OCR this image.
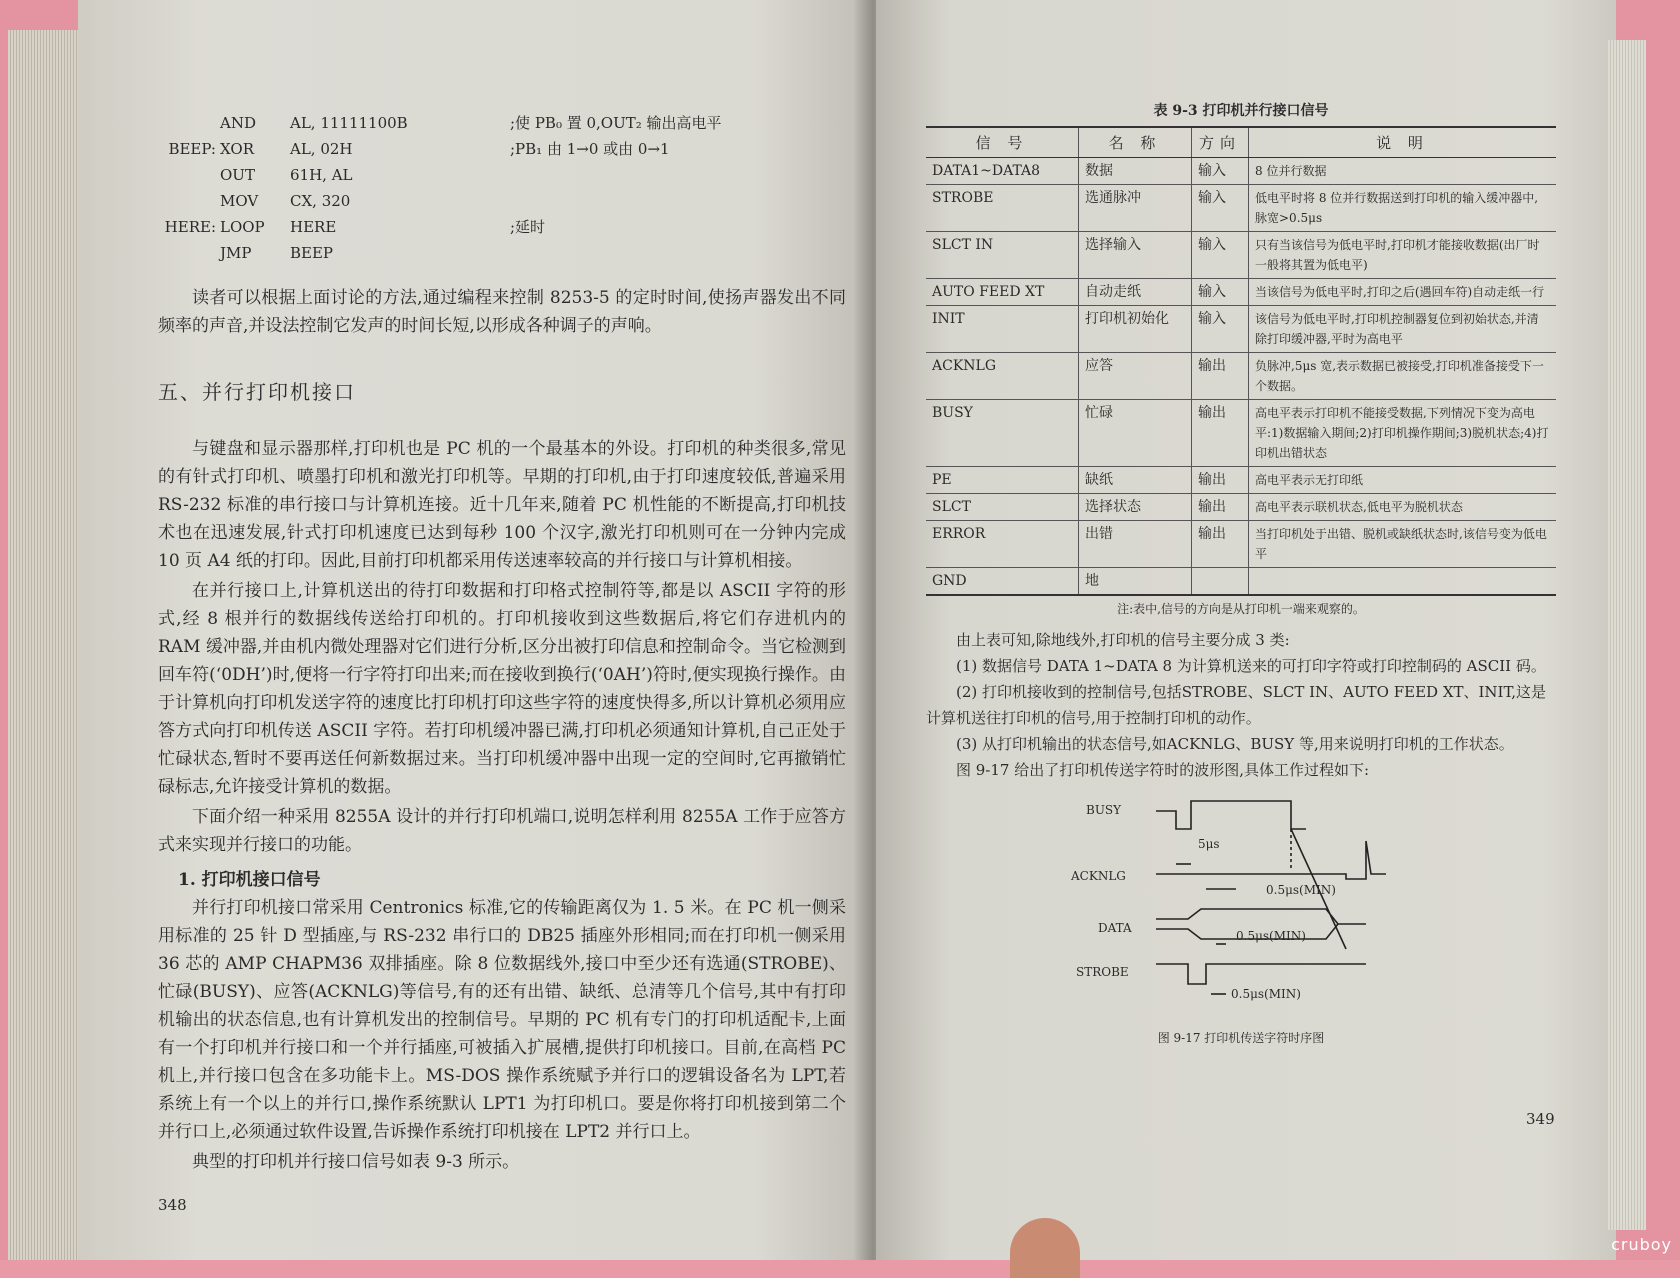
AND	AL, 11111100B	;使 PB₀ 置 0,OUT₂ 输出高电平
BEEP: XOR	AL, 02H	;PB₁ 由 1→0 或由 0→1
OUT	61H, AL
MOV	CX, 320
HERE: LOOP	HERE	;延时
JMP	BEEP

读者可以根据上面讨论的方法,通过编程来控制 8253-5 的定时时间,使扬声器发出不同频率的声音,并设法控制它发声的时间长短,以形成各种调子的声响。

五、并行打印机接口

与键盘和显示器那样,打印机也是 PC 机的一个最基本的外设。打印机的种类很多,常见的有针式打印机、喷墨打印机和激光打印机等。早期的打印机,由于打印速度较低,普遍采用 RS-232 标准的串行接口与计算机连接。近十几年来,随着 PC 机性能的不断提高,打印机技术也在迅速发展,针式打印机速度已达到每秒 100 个汉字,激光打印机则可在一分钟内完成 10 页 A4 纸的打印。因此,目前打印机都采用传送速率较高的并行接口与计算机相接。

在并行接口上,计算机送出的待打印数据和打印格式控制符等,都是以 ASCII 字符的形式,经 8 根并行的数据线传送给打印机的。打印机接收到这些数据后,将它们存进机内的 RAM 缓冲器,并由机内微处理器对它们进行分析,区分出被打印信息和控制命令。当它检测到回车符(‘0DH’)时,便将一行字符打印出来;而在接收到换行(‘0AH’)符时,便实现换行操作。由于计算机向打印机发送字符的速度比打印机打印这些字符的速度快得多,所以计算机必须用应答方式向打印机传送 ASCII 字符。若打印机缓冲器已满,打印机必须通知计算机,自己正处于忙碌状态,暂时不要再送任何新数据过来。当打印机缓冲器中出现一定的空间时,它再撤销忙碌标志,允许接受计算机的数据。

下面介绍一种采用 8255A 设计的并行打印机端口,说明怎样利用 8255A 工作于应答方式来实现并行接口的功能。

1. 打印机接口信号

并行打印机接口常采用 Centronics 标准,它的传输距离仅为 1. 5 米。在 PC 机一侧采用标准的 25 针 D 型插座,与 RS-232 串行口的 DB25 插座外形相同;而在打印机一侧采用 36 芯的 AMP CHAPM36 双排插座。除 8 位数据线外,接口中至少还有选通(STROBE)、忙碌(BUSY)、应答(ACKNLG)等信号,有的还有出错、缺纸、总清等几个信号,其中有打印机输出的状态信息,也有计算机发出的控制信号。早期的 PC 机有专门的打印机适配卡,上面有一个打印机并行接口和一个并行插座,可被插入扩展槽,提供打印机接口。目前,在高档 PC 机上,并行接口包含在多功能卡上。MS-DOS 操作系统赋予并行口的逻辑设备名为 LPT,若系统上有一个以上的并行口,操作系统默认 LPT1 为打印机口。要是你将打印机接到第二个并行口上,必须通过软件设置,告诉操作系统打印机接在 LPT2 并行口上。

典型的打印机并行接口信号如表 9-3 所示。

348
表 9-3 打印机并行接口信号
信 号	名 称	方向	说 明
DATA1~DATA8	数据	输入	8 位并行数据
STROBE	选通脉冲	输入	低电平时将 8 位并行数据送到打印机的输入缓冲器中,脉宽>0.5μs
SLCT IN	选择输入	输入	只有当该信号为低电平时,打印机才能接收数据(出厂时一般将其置为低电平)
AUTO FEED XT	自动走纸	输入	当该信号为低电平时,打印之后(遇回车符)自动走纸一行
INIT	打印机初始化	输入	该信号为低电平时,打印机控制器复位到初始状态,并清除打印缓冲器,平时为高电平
ACKNLG	应答	输出	负脉冲,5μs 宽,表示数据已被接受,打印机准备接受下一个数据。
BUSY	忙碌	输出	高电平表示打印机不能接受数据,下列情况下变为高电平:1)数据输入期间;2)打印机操作期间;3)脱机状态;4)打印机出错状态
PE	缺纸	输出	高电平表示无打印纸
SLCT	选择状态	输出	高电平表示联机状态,低电平为脱机状态
ERROR	出错	输出	当打印机处于出错、脱机或缺纸状态时,该信号变为低电平
GND	地		
注:表中,信号的方向是从打印机一端来观察的。

由上表可知,除地线外,打印机的信号主要分成 3 类:

(1) 数据信号 DATA 1~DATA 8 为计算机送来的可打印字符或打印控制码的 ASCII 码。

(2) 打印机接收到的控制信号,包括STROBE、SLCT IN、AUTO FEED XT、INIT,这是计算机送往打印机的信号,用于控制打印机的动作。

(3) 从打印机输出的状态信号,如ACKNLG、BUSY 等,用来说明打印机的工作状态。

图 9-17 给出了打印机传送字符时的波形图,具体工作过程如下:

BUSY
ACKNLG
DATA
STROBE
5μs
0.5μs(MIN)
0.5μs(MIN)
0.5μs(MIN)
图 9-17 打印机传送字符时序图
349
cruboy
